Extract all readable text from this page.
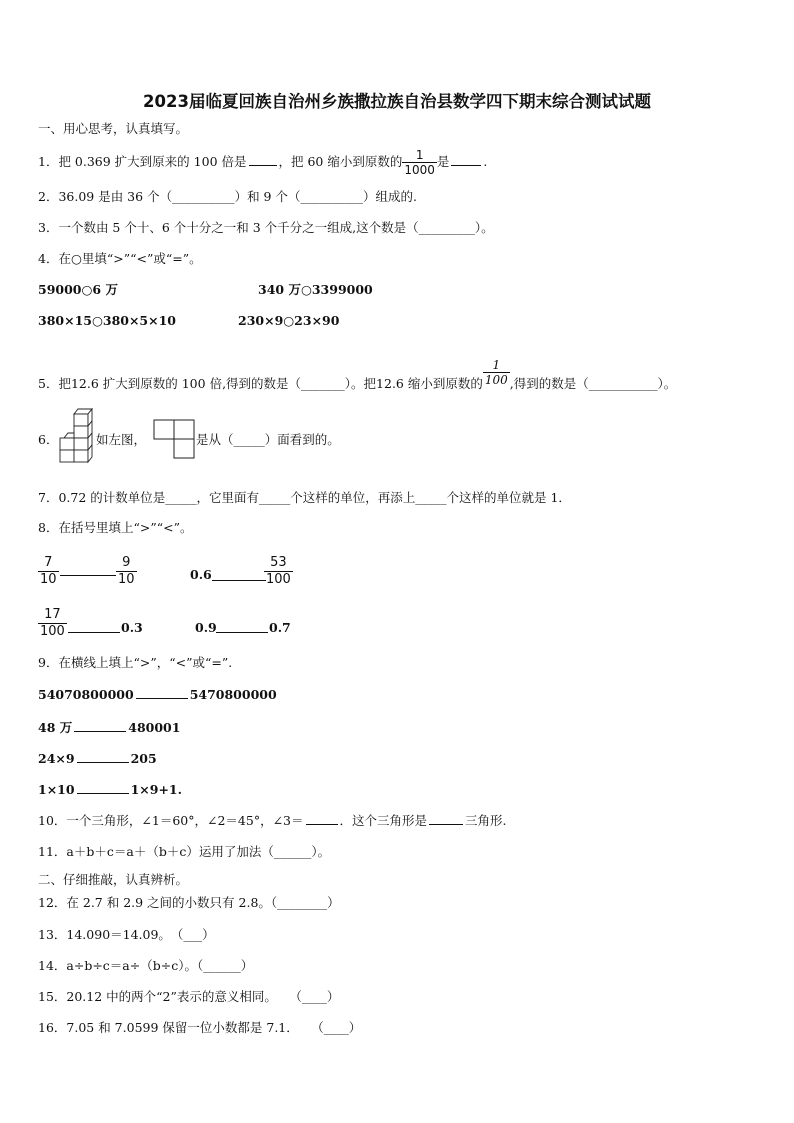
2023届临夏回族自治州乡族撒拉族自治县数学四下期末综合测试试题
一、用心思考，认真填写。
1．把 0.369 扩大到原来的 100 倍是	，把 60 缩小到原数的 $\frac{1}{1000}$ 是	.
2．36.09 是由 36 个（__________）和 9 个（__________）组成的.
3．一个数由 5 个十、6 个十分之一和 3 个千分之一组成,这个数是（_________）。
4．在○里填“>”“<”或“=”。
59000○6 万	340 万○3399000
380×15○380×5×10	230×9○23×90
5．把12.6 扩大到原数的 100 倍,得到的数是（_______）。把12.6 缩小到原数的 $\frac{1}{100}$ ,得到的数是（___________）。
6．	如左图，	是从（_____）面看到的。
7．0.72 的计数单位是_____，它里面有_____个这样的单位，再添上_____个这样的单位就是 1．
8．在括号里填上“>”“<”。
$\frac{7}{10}$	$\frac{9}{10}$	0.6	$\frac{53}{100}$
$\frac{17}{100}$	0.3	0.9	0.7
9．在横线上填上“>”，“<”或“=”.
54070800000	5470800000
48 万	480001
24×9	205
1×10	1×9+1.
10．一个三角形，∠1＝60°，∠2＝45°，∠3＝	．这个三角形是	三角形.
11．a＋b＋c＝a＋（b＋c）运用了加法（______）。
二、仔细推敲，认真辨析。
12．在 2.7 和 2.9 之间的小数只有 2.8。（________）
13．14.090＝14.09。　（___）
14．a÷b÷c＝a÷（b÷c）。（______）
15．20.12 中的两个“2”表示的意义相同。　　（____）
16．7.05 和 7.0599 保留一位小数都是 7.1．　　（____）
